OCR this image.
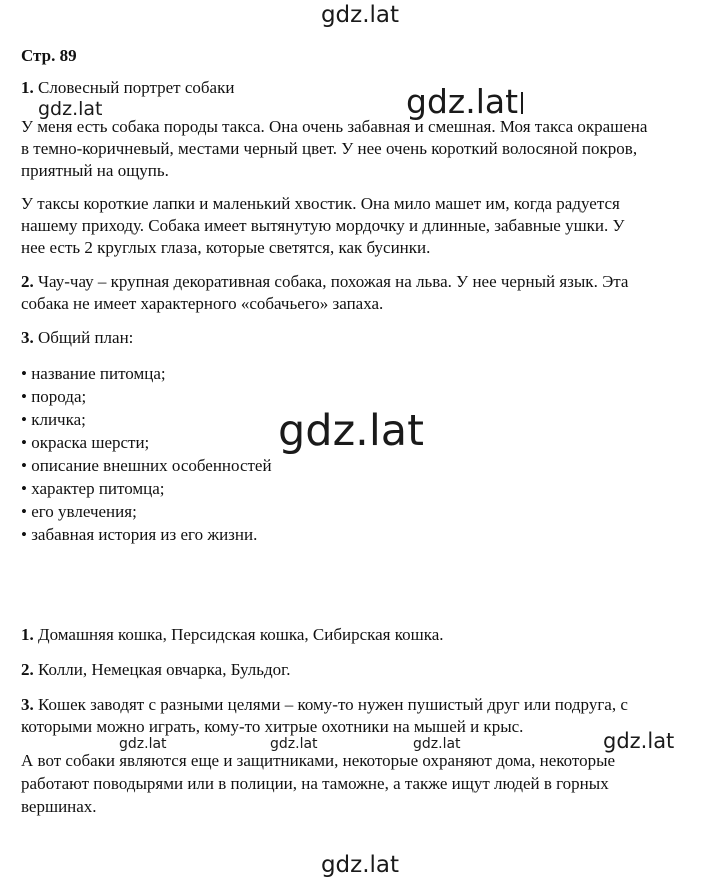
gdz.lat
Стр. 89
1. Словесный портрет собаки
У меня есть собака породы такса. Она очень забавная и смешная. Моя такса окрашена
в темно-коричневый, местами черный цвет. У нее очень короткий волосяной покров,
приятный на ощупь.
У таксы короткие лапки и маленький хвостик. Она мило машет им, когда радуется
нашему приходу. Собака имеет вытянутую мордочку и длинные, забавные ушки. У
нее есть 2 круглых глаза, которые светятся, как бусинки.
2. Чау-чау – крупная декоративная собака, похожая на льва. У нее черный язык. Эта
собака не имеет характерного «собачьего» запаха.
3. Общий план:
• название питомца;
• порода;
• кличка;
• окраска шерсти;
• описание внешних особенностей
• характер питомца;
• его увлечения;
• забавная история из его жизни.
1. Домашняя кошка, Персидская кошка, Сибирская кошка.
2. Колли, Немецкая овчарка, Бульдог.
3. Кошек заводят с разными целями – кому-то нужен пушистый друг или подруга, с
которыми можно играть, кому-то хитрые охотники на мышей и крыс.
А вот собаки являются еще и защитниками, некоторые охраняют дома, некоторые
работают поводырями или в полиции, на таможне, а также ищут людей в горных
вершинах.
gdz.lat	gdz.lat
gdz.lat
gdz.lat	gdz.lat	gdz.lat	gdz.lat
gdz.lat
